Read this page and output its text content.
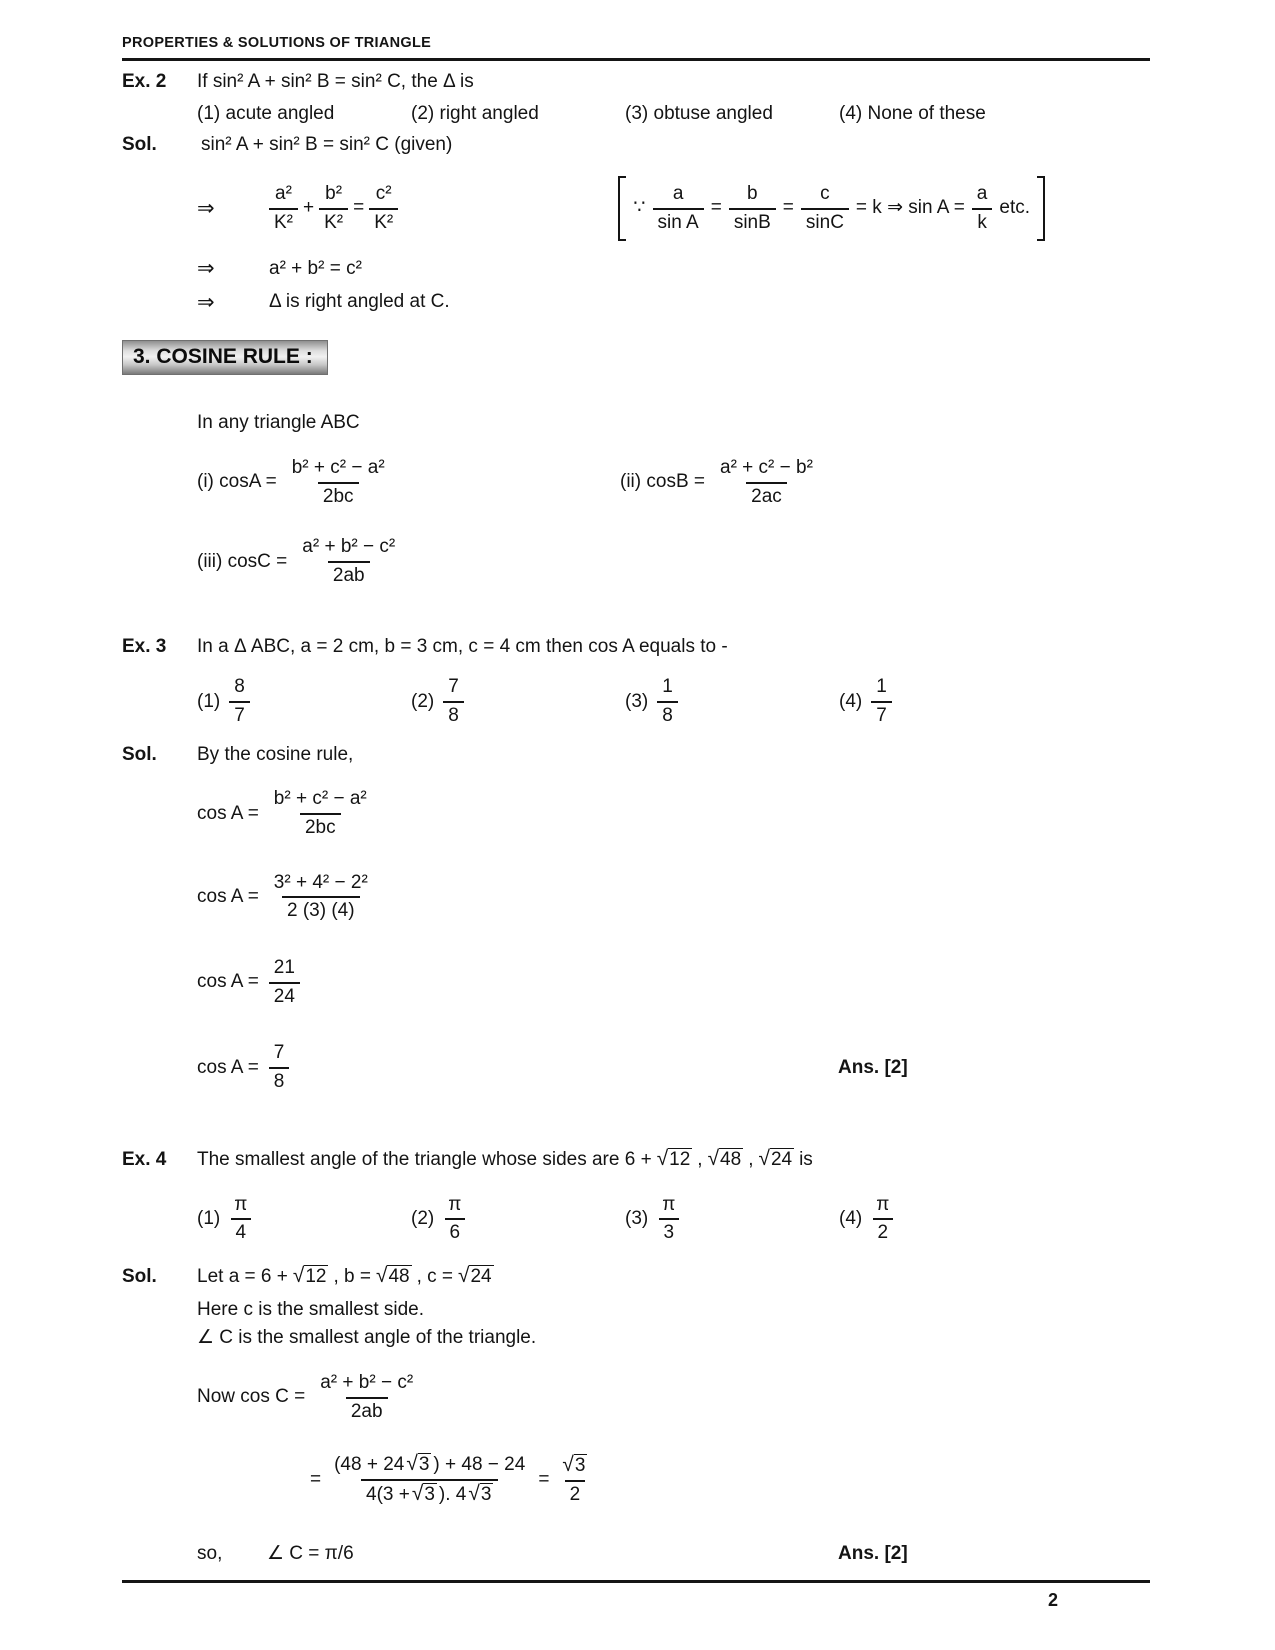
PROPERTIES & SOLUTIONS OF TRIANGLE
Ex. 2	If sin² A + sin² B = sin² C, the Δ is
(1) acute angled	(2) right angled	(3) obtuse angled	(4) None of these
Sol.	sin² A + sin² B = sin² C (given)
⇒	$\frac{\text{a²}}{\text{K²}} + \frac{\text{b²}}{\text{K²}} = \frac{\text{c²}}{\text{K²}}$	∵ $\frac{a}{\text{sin A}} = \frac{b}{\sin B} = \frac{c}{\sin C} = k$ ⇒ $\sin A = \frac{a}{k}$ etc.
⇒	a² + b² = c²
⇒	Δ is right angled at C.
3. COSINE RULE :
In any triangle ABC
(i) $\cos A = \frac{\text{b² + c² − a²}}{2bc}$	(ii) $\cos B = \frac{\text{a² + c² − b²}}{2ac}$
(iii) $\cos C = \frac{\text{a² + b² − c²}}{2ab}$
Ex. 3	In a Δ ABC, a = 2 cm, b = 3 cm, c = 4 cm then cos A equals to -
$(1) \frac{8}{7}$	$(2) \frac{7}{8}$	$(3) \frac{1}{8}$	$(4) \frac{1}{7}$
Sol.	By the cosine rule,
$\cos A = \frac{\text{b² + c² − a²}}{2bc}$
$\cos A = \frac{\text{3² + 4² − 2²}}{2 (3) (4)}$
$\cos A = \frac{21}{24}$
$\cos A = \frac{7}{8}$	Ans. [2]
Ex. 4	The smallest angle of the triangle whose sides are 6 + √ 12 , √ 48 , √ 24 is
$(1) \frac{\pi}{4}$	$(2) \frac{\pi}{6}$	$(3) \frac{\pi}{3}$	$(4) \frac{\pi}{2}$
Sol.	Let a = 6 + √ 12 , b = √ 48 , c = √ 24
Here c is the smallest side.
∠ C is the smallest angle of the triangle.
Now $\cos C = \frac{\text{a² + b² − c²}}{2ab}$
= $\frac{(48 + 24 √ 3 ) + 48 - 24}{4(3 + √ 3 ). 4 √ 3} = \frac{√ 3}{2}$
so,	∠ C = π/6	Ans. [2]
2
